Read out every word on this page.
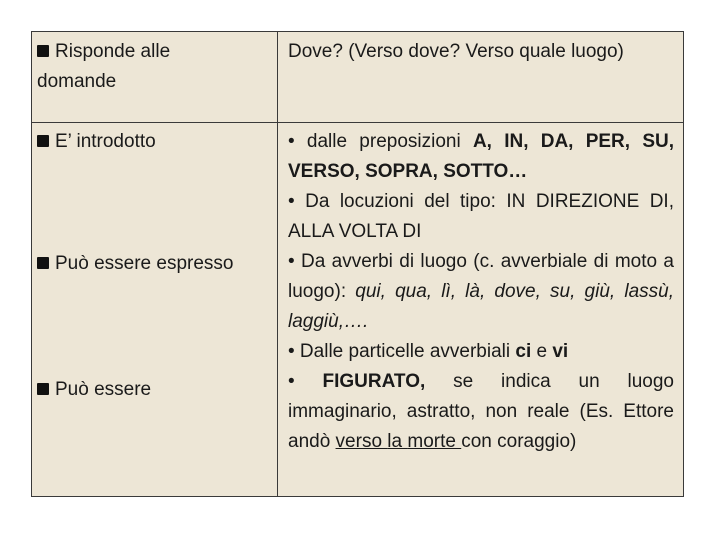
Risponde alle
domande
Dove? (Verso dove? Verso quale luogo)
E’ introdotto
Può essere espresso
Può essere
• dalle preposizioni A, IN, DA, PER, SU, VERSO, SOPRA, SOTTO…
• Da locuzioni del tipo: IN DIREZIONE DI, ALLA VOLTA DI
• Da avverbi di luogo (c. avverbiale di moto a luogo): qui, qua, lì, là, dove, su, giù, lassù, laggiù,….
• Dalle particelle avverbiali ci e vi
• FIGURATO, se indica un luogo immaginario, astratto, non reale (Es. Ettore andò verso la morte con coraggio)
